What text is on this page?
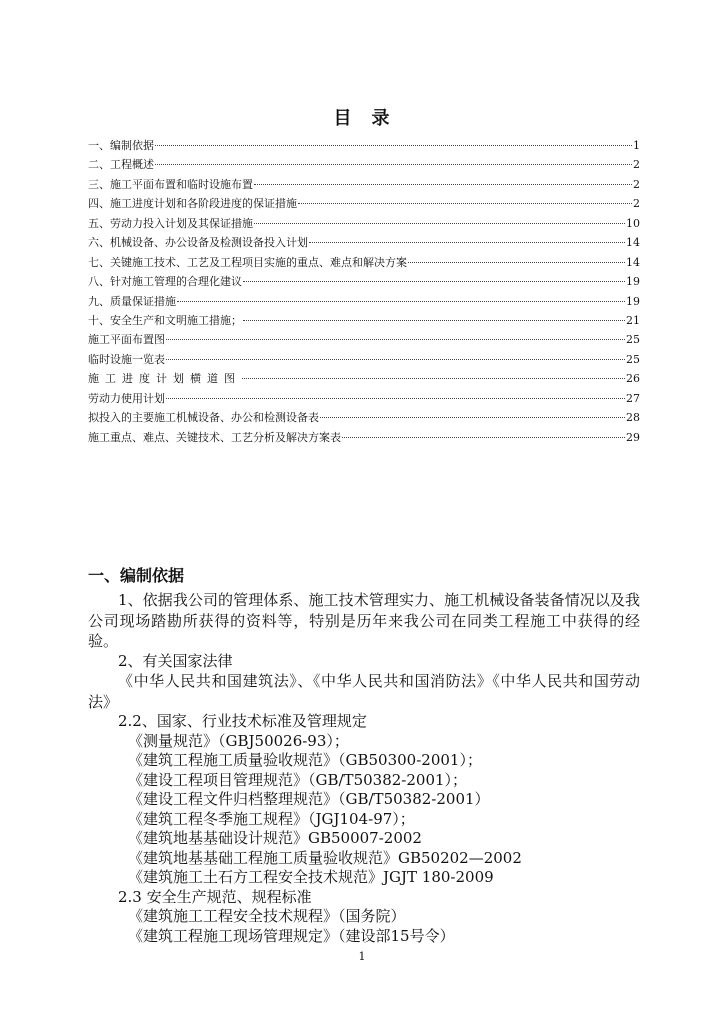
目　录
一、编制依据	1
二、工程概述	2
三、施工平面布置和临时设施布置	2
四、施工进度计划和各阶段进度的保证措施	2
五、劳动力投入计划及其保证措施	10
六、机械设备、办公设备及检测设备投入计划	14
七、关键施工技术、工艺及工程项目实施的重点、难点和解决方案	14
八、针对施工管理的合理化建议	19
九、质量保证措施	19
十、安全生产和文明施工措施；	21
施工平面布置图	25
临时设施一览表	25
施工进度计划横道图	26
劳动力使用计划	27
拟投入的主要施工机械设备、办公和检测设备表	28
施工重点、难点、关键技术、工艺分析及解决方案表	29
一、编制依据

1、依据我公司的管理体系、施工技术管理实力、施工机械设备装备情况以及我公司现场踏勘所获得的资料等，特别是历年来我公司在同类工程施工中获得的经验。

2、有关国家法律

《中华人民共和国建筑法》、《中华人民共和国消防法》《中华人民共和国劳动法》

2.2、国家、行业技术标准及管理规定

《测量规范》（GBJ50026-93）；

《建筑工程施工质量验收规范》（GB50300-2001）；

《建设工程项目管理规范》（GB/T50382-2001）；

《建设工程文件归档整理规范》（GB/T50382-2001）

《建筑工程冬季施工规程》（JGJ104-97）；

《建筑地基基础设计规范》GB50007-2002

《建筑地基基础工程施工质量验收规范》GB50202—2002

《建筑施工土石方工程安全技术规范》JGJT 180-2009

2.3 安全生产规范、规程标准

《建筑施工工程安全技术规程》（国务院）

《建筑工程施工现场管理规定》（建设部15号令）

1
